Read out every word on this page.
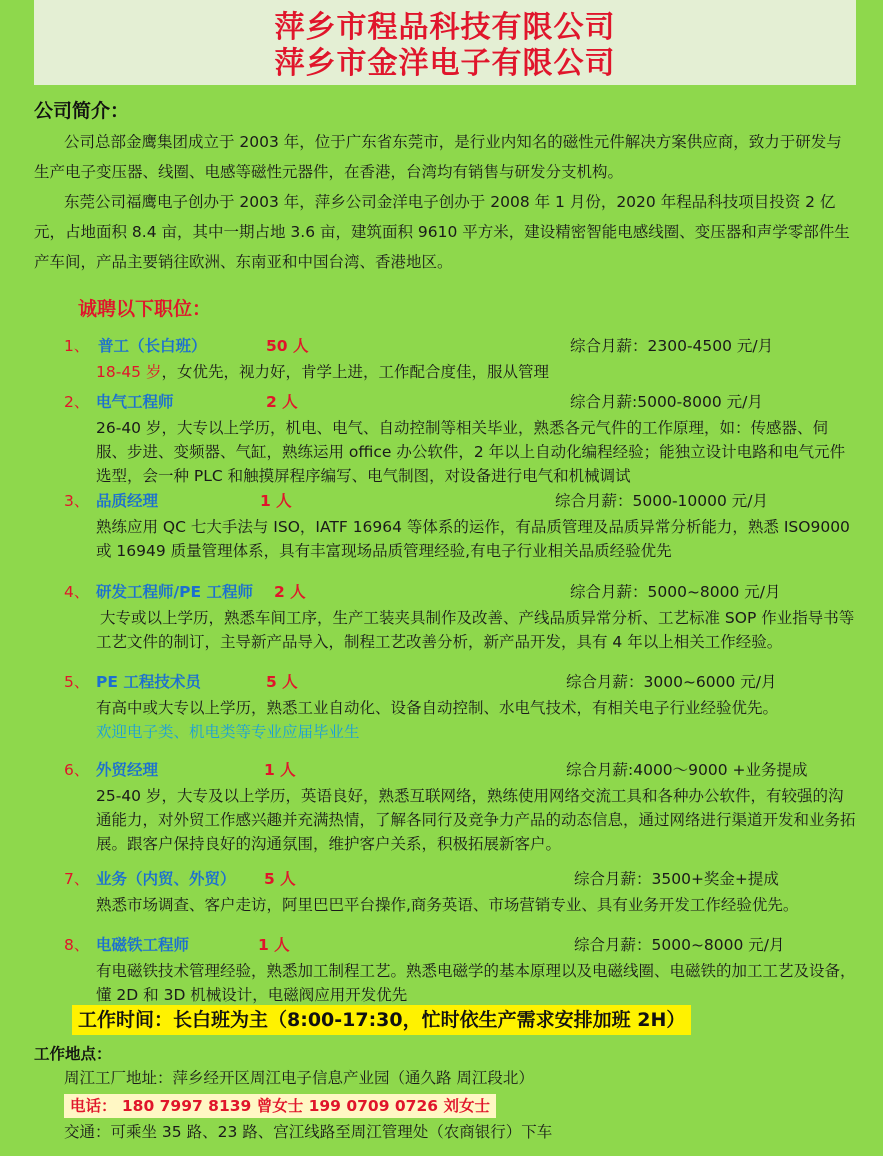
萍乡市程品科技有限公司
萍乡市金洋电子有限公司
公司简介：
公司总部金鹰集团成立于 2003 年，位于广东省东莞市，是行业内知名的磁性元件解决方案供应商，致力于研发与生产电子变压器、线圈、电感等磁性元器件，在香港，台湾均有销售与研发分支机构。
东莞公司福鹰电子创办于 2003 年，萍乡公司金洋电子创办于 2008 年 1 月份，2020 年程品科技项目投资 2 亿元，占地面积 8.4 亩，其中一期占地 3.6 亩，建筑面积 9610 平方米，建设精密智能电感线圈、变压器和声学零部件生产车间，产品主要销往欧洲、东南亚和中国台湾、香港地区。
诚聘以下职位：
1、 普工（长白班）	50 人	综合月薪：2300-4500 元/月
18-45 岁，女优先，视力好，肯学上进，工作配合度佳，服从管理
2、 电气工程师	2 人	综合月薪:5000-8000 元/月
26-40 岁，大专以上学历，机电、电气、自动控制等相关毕业，熟悉各元气件的工作原理，如：传感器、伺服、步进、变频器、气缸，熟练运用 office 办公软件，2 年以上自动化编程经验；能独立设计电路和电气元件选型，会一种 PLC 和触摸屏程序编写、电气制图，对设备进行电气和机械调试
3、 品质经理	1 人	综合月薪：5000-10000 元/月
熟练应用 QC 七大手法与 ISO，IATF 16964 等体系的运作，有品质管理及品质异常分析能力，熟悉 ISO9000 或 16949 质量管理体系，具有丰富现场品质管理经验,有电子行业相关品质经验优先
4、 研发工程师/PE 工程师 2 人	综合月薪：5000~8000 元/月
大专或以上学历，熟悉车间工序，生产工装夹具制作及改善、产线品质异常分析、工艺标准 SOP 作业指导书等工艺文件的制订，主导新产品导入，制程工艺改善分析，新产品开发，具有 4 年以上相关工作经验。
5、 PE 工程技术员	5 人	综合月薪：3000~6000 元/月
有高中或大专以上学历，熟悉工业自动化、设备自动控制、水电气技术，有相关电子行业经验优先。
欢迎电子类、机电类等专业应届毕业生
6、 外贸经理	1 人	综合月薪:4000～9000 +业务提成
25-40 岁，大专及以上学历，英语良好，熟悉互联网络，熟练使用网络交流工具和各种办公软件，有较强的沟通能力，对外贸工作感兴趣并充满热情，了解各同行及竞争力产品的动态信息，通过网络进行渠道开发和业务拓展。跟客户保持良好的沟通氛围，维护客户关系，积极拓展新客户。
7、 业务（内贸、外贸） 5 人	综合月薪：3500+奖金+提成
熟悉市场调查、客户走访，阿里巴巴平台操作,商务英语、市场营销专业、具有业务开发工作经验优先。
8、 电磁铁工程师	1 人	综合月薪：5000~8000 元/月
有电磁铁技术管理经验，熟悉加工制程工艺。熟悉电磁学的基本原理以及电磁线圈、电磁铁的加工工艺及设备，懂 2D 和 3D 机械设计，电磁阀应用开发优先
工作时间：长白班为主（8:00-17:30，忙时依生产需求安排加班 2H）
工作地点：
周江工厂地址：萍乡经开区周江电子信息产业园（通久路 周江段北）
电话： 180 7997 8139 曾女士 199 0709 0726 刘女士
交通：可乘坐 35 路、23 路、宫江线路至周江管理处（农商银行）下车
